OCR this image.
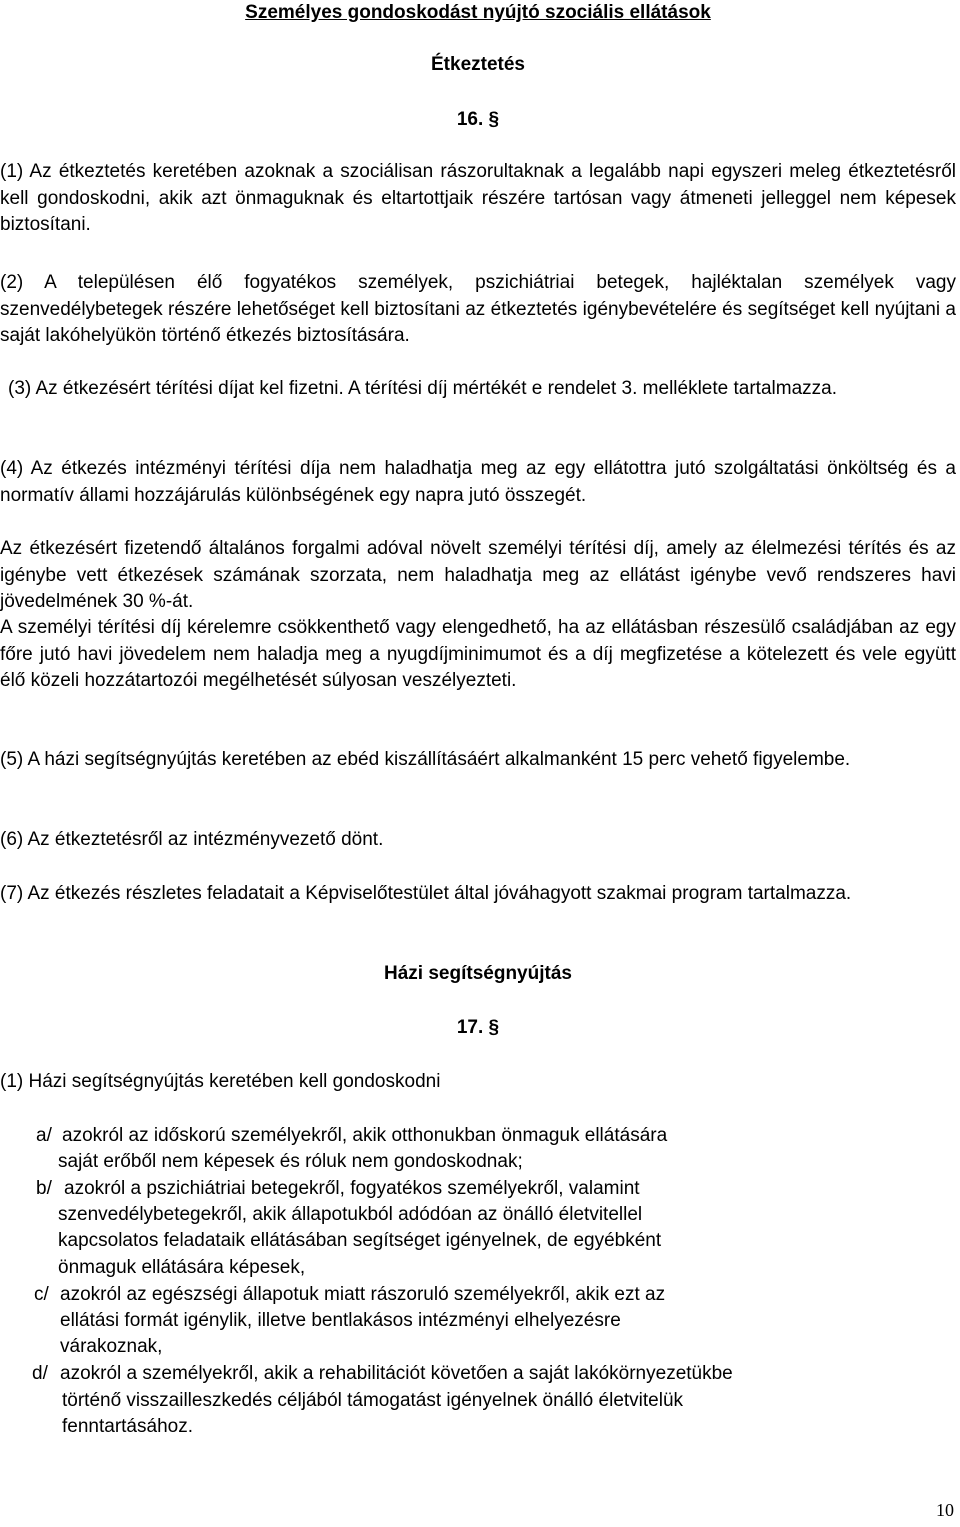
Személyes gondoskodást nyújtó szociális ellátások

Étkeztetés

16. §

(1) Az étkeztetés keretében azoknak a szociálisan rászorultaknak a legalább napi egyszeri meleg étkeztetésről kell gondoskodni, akik azt önmaguknak és eltartottjaik részére tartósan vagy átmeneti jelleggel nem képesek biztosítani.

(2) A településen élő fogyatékos személyek, pszichiátriai betegek, hajléktalan személyek vagy szenvedélybetegek részére lehetőséget kell biztosítani az étkeztetés igénybevételére és segítséget kell nyújtani a saját lakóhelyükön történő étkezés biztosítására.

(3) Az étkezésért térítési díjat kel fizetni. A térítési díj mértékét e rendelet 3. melléklete tartalmazza.

(4) Az étkezés intézményi térítési díja nem haladhatja meg az egy ellátottra jutó szolgáltatási önköltség és a normatív állami hozzájárulás különbségének egy napra jutó összegét.

Az étkezésért fizetendő általános forgalmi adóval növelt személyi térítési díj, amely az élelmezési térítés és az igénybe vett étkezések számának szorzata, nem haladhatja meg az ellátást igénybe vevő rendszeres havi jövedelmének 30 %-át.

A személyi térítési díj kérelemre csökkenthető vagy elengedhető, ha az ellátásban részesülő családjában az egy főre jutó havi jövedelem nem haladja meg a nyugdíjminimumot és a díj megfizetése a kötelezett és vele együtt élő közeli hozzátartozói megélhetését súlyosan veszélyezteti.

(5) A házi segítségnyújtás keretében az ebéd kiszállításáért alkalmanként 15 perc vehető figyelembe.

(6) Az étkeztetésről az intézményvezető dönt.

(7) Az étkezés részletes feladatait a Képviselőtestület által jóváhagyott szakmai program tartalmazza.

Házi segítségnyújtás

17. §

(1) Házi segítségnyújtás keretében kell gondoskodni

a/ azokról az időskorú személyekről, akik otthonukban önmaguk ellátására
saját erőből nem képesek és róluk nem gondoskodnak;
b/ azokról a pszichiátriai betegekről, fogyatékos személyekről, valamint
szenvedélybetegekről, akik állapotukból adódóan az önálló életvitellel
kapcsolatos feladataik ellátásában segítséget igényelnek, de egyébként
önmaguk ellátására képesek,
c/ azokról az egészségi állapotuk miatt rászoruló személyekről, akik ezt az
ellátási formát igénylik, illetve bentlakásos intézményi elhelyezésre
várakoznak,
d/ azokról a személyekről, akik a rehabilitációt követően a saját lakókörnyezetükbe
történő visszailleszkedés céljából támogatást igényelnek önálló életvitelük
fenntartásához.
10
